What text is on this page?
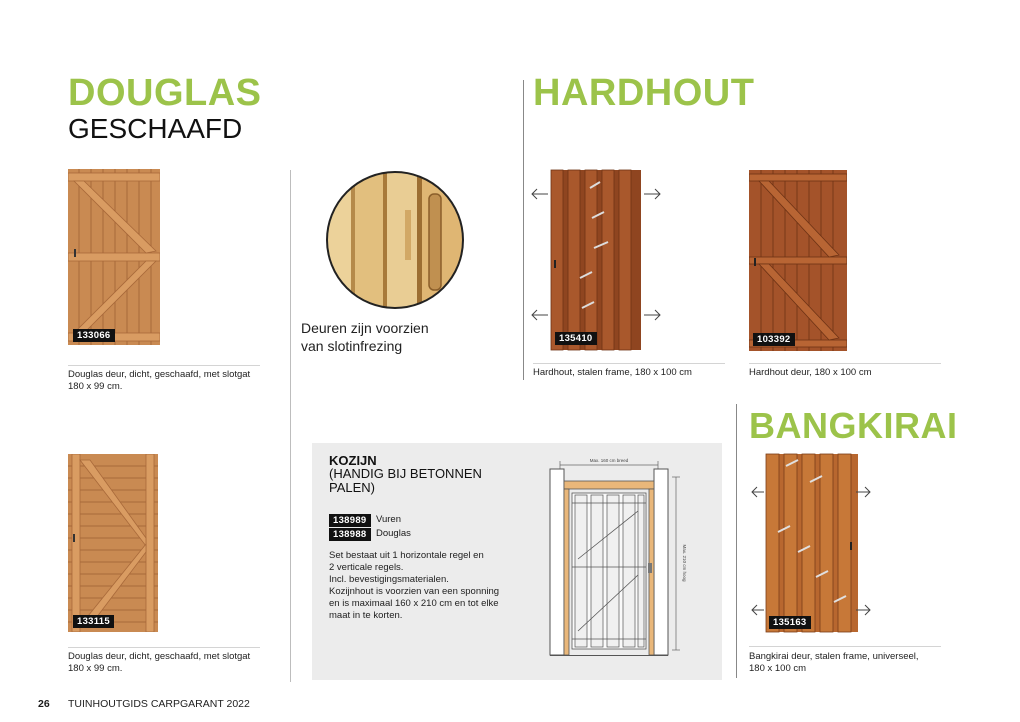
DOUGLAS
GESCHAAFD
133066
Douglas deur, dicht, geschaafd, met slotgat
180 x 99 cm.
133115
Douglas deur, dicht, geschaafd, met slotgat
180 x 99 cm.
Deuren zijn voorzien
van slotinfrezing
HARDHOUT
135410
Hardhout, stalen frame, 180 x 100 cm
103392
Hardhout deur, 180 x 100 cm
BANGKIRAI
135163
Bangkirai deur, stalen frame, universeel,
180 x 100 cm
KOZIJN
(HANDIG BIJ BETONNEN
PALEN)
138989 Vuren
138988 Douglas
Set bestaat uit 1 horizontale regel en
2 verticale regels.
Incl. bevestigingsmaterialen.
Kozijnhout is voorzien van een sponning
en is maximaal 160 x 210 cm en tot elke
maat in te korten.
Max. 160 cm breed
Max. 210 cm hoog
26 TUINHOUTGIDS CARPGARANT 2022
